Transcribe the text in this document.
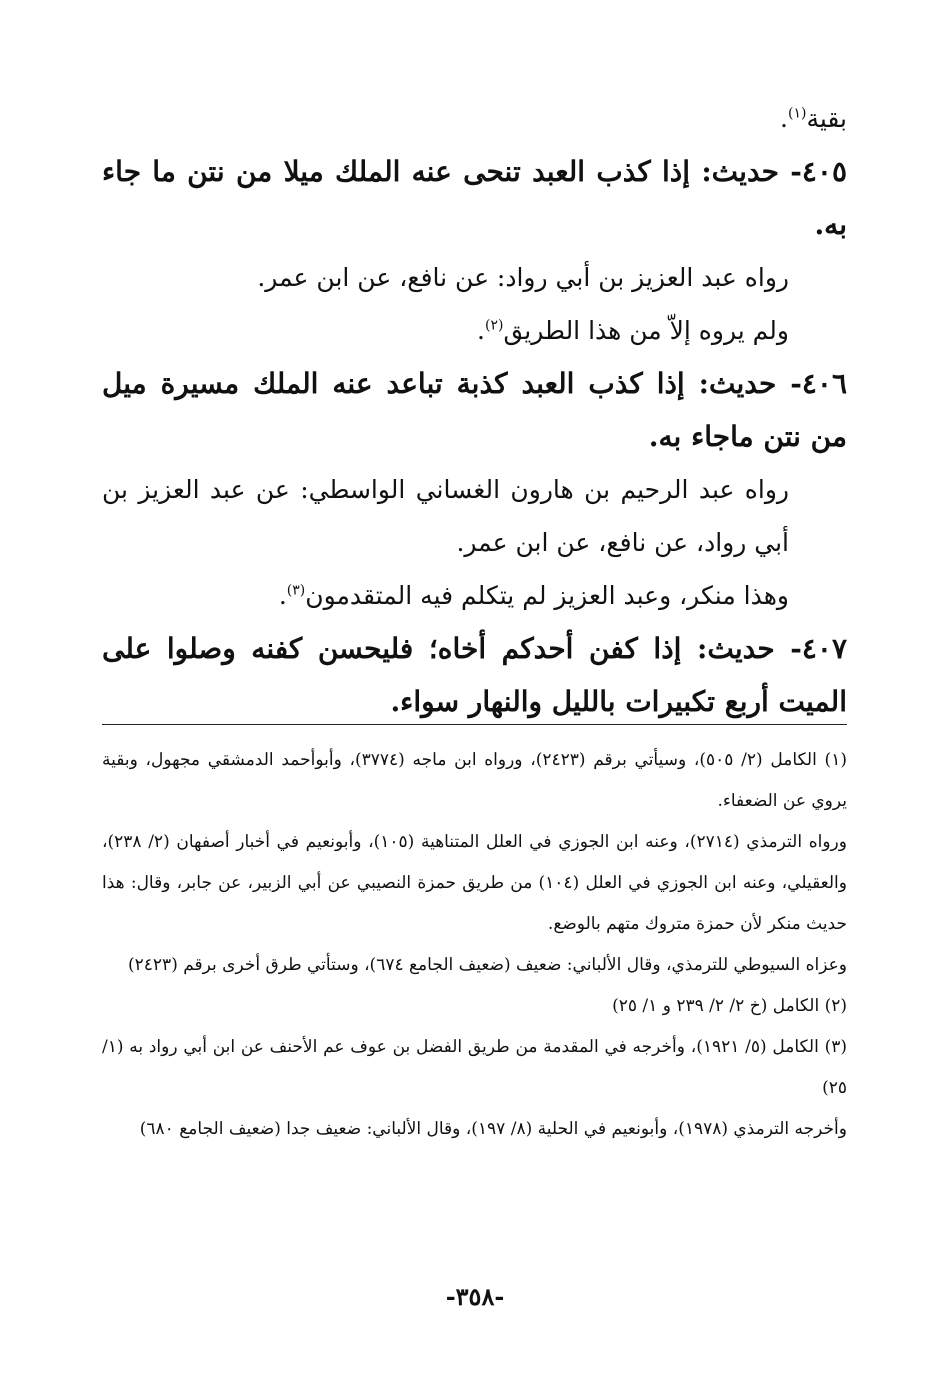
بقية$^{(١)}$.

٤٠٥- حديث: إذا كذب العبد تنحى عنه الملك ميلا من نتن ما جاء به.

رواه عبد العزيز بن أبي رواد: عن نافع، عن ابن عمر.

ولم يروه إلاّ من هذا الطريق$^{(٢)}$.

٤٠٦- حديث: إذا كذب العبد كذبة تباعد عنه الملك مسيرة ميل من نتن ماجاء به.

رواه عبد الرحيم بن هارون الغساني الواسطي: عن عبد العزيز بن أبي رواد، عن نافع، عن ابن عمر.

وهذا منكر، وعبد العزيز لم يتكلم فيه المتقدمون$^{(٣)}$.

٤٠٧- حديث: إذا كفن أحدكم أخاه؛ فليحسن كفنه وصلوا على الميت أربع تكبيرات بالليل والنهار سواء.

(١) الكامل (٢/ ٥٠٥)، وسيأتي برقم (٢٤٢٣)، ورواه ابن ماجه (٣٧٧٤)، وأبوأحمد الدمشقي مجهول، وبقية يروي عن الضعفاء.

ورواه الترمذي (٢٧١٤)، وعنه ابن الجوزي في العلل المتناهية (١٠٥)، وأبونعيم في أخبار أصفهان (٢/ ٢٣٨)، والعقيلي، وعنه ابن الجوزي في العلل (١٠٤) من طريق حمزة النصيبي عن أبي الزبير، عن جابر، وقال: هذا حديث منكر لأن حمزة متروك متهم بالوضع.

وعزاه السيوطي للترمذي، وقال الألباني: ضعيف (ضعيف الجامع ٦٧٤)، وستأتي طرق أخرى برقم (٢٤٢٣)

(٢) الكامل (خ ٢/ ٢/ ٢٣٩ و ١/ ٢٥)

(٣) الكامل (٥/ ١٩٢١)، وأخرجه في المقدمة من طريق الفضل بن عوف عم الأحنف عن ابن أبي رواد به (١/ ٢٥)

وأخرجه الترمذي (١٩٧٨)، وأبونعيم في الحلية (٨/ ١٩٧)، وقال الألباني: ضعيف جدا (ضعيف الجامع ٦٨٠)

-٣٥٨-
